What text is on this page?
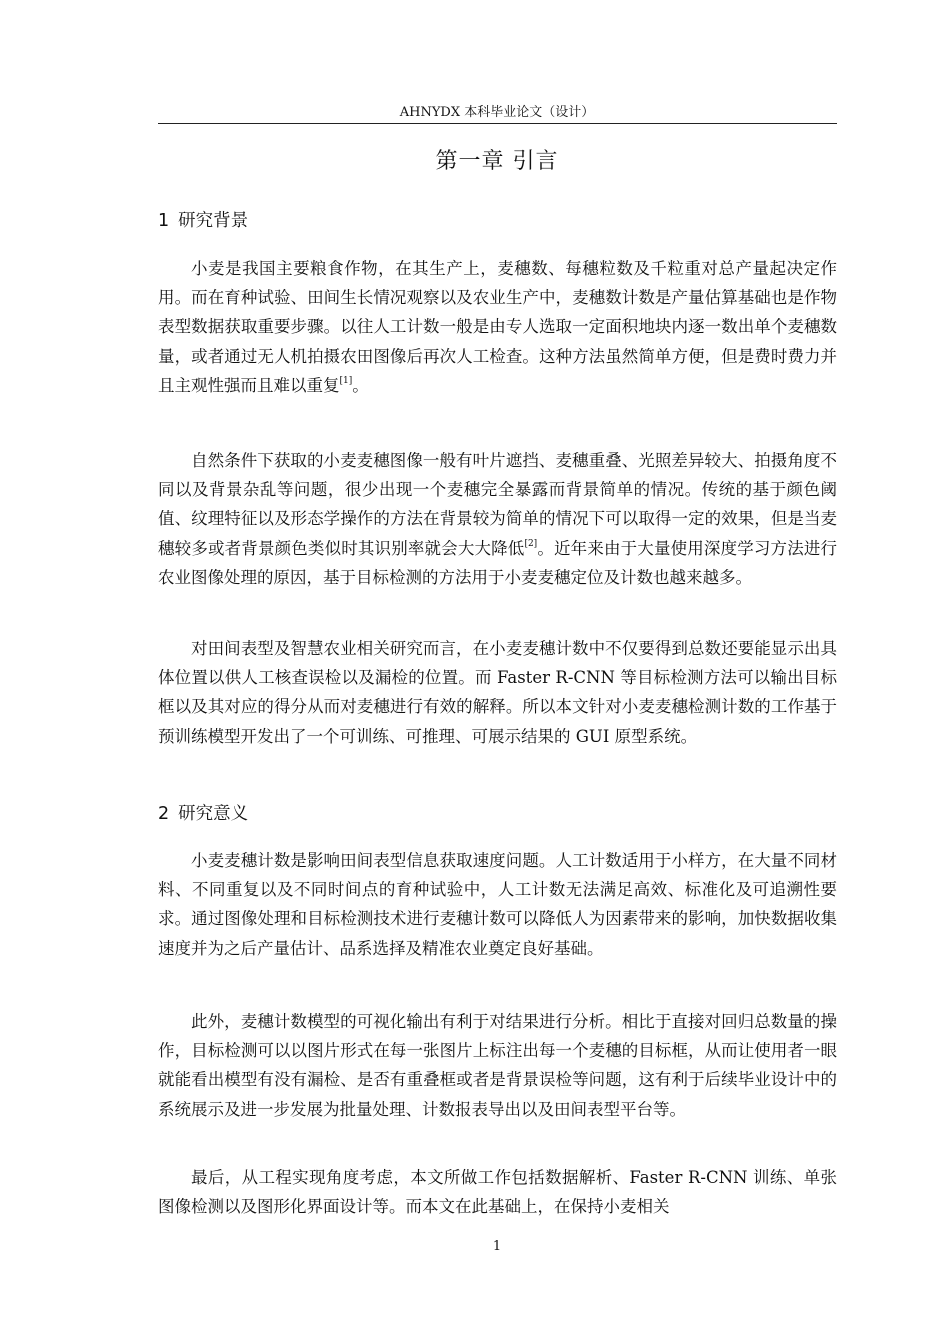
AHNYDX 本科毕业论文（设计）
第一章 引言
1 研究背景

小麦是我国主要粮食作物，在其生产上，麦穗数、每穗粒数及千粒重对总产量起决定作用。而在育种试验、田间生长情况观察以及农业生产中，麦穗数计数是产量估算基础也是作物表型数据获取重要步骤。以往人工计数一般是由专人选取一定面积地块内逐一数出单个麦穗数量，或者通过无人机拍摄农田图像后再次人工检查。这种方法虽然简单方便，但是费时费力并且主观性强而且难以重复[1]。

自然条件下获取的小麦麦穗图像一般有叶片遮挡、麦穗重叠、光照差异较大、拍摄角度不同以及背景杂乱等问题，很少出现一个麦穗完全暴露而背景简单的情况。传统的基于颜色阈值、纹理特征以及形态学操作的方法在背景较为简单的情况下可以取得一定的效果，但是当麦穗较多或者背景颜色类似时其识别率就会大大降低[2]。近年来由于大量使用深度学习方法进行农业图像处理的原因，基于目标检测的方法用于小麦麦穗定位及计数也越来越多。

对田间表型及智慧农业相关研究而言，在小麦麦穗计数中不仅要得到总数还要能显示出具体位置以供人工核查误检以及漏检的位置。而 Faster R-CNN 等目标检测方法可以输出目标框以及其对应的得分从而对麦穗进行有效的解释。所以本文针对小麦麦穗检测计数的工作基于预训练模型开发出了一个可训练、可推理、可展示结果的 GUI 原型系统。

2 研究意义

小麦麦穗计数是影响田间表型信息获取速度问题。人工计数适用于小样方，在大量不同材料、不同重复以及不同时间点的育种试验中，人工计数无法满足高效、标准化及可追溯性要求。通过图像处理和目标检测技术进行麦穗计数可以降低人为因素带来的影响，加快数据收集速度并为之后产量估计、品系选择及精准农业奠定良好基础。

此外，麦穗计数模型的可视化输出有利于对结果进行分析。相比于直接对回归总数量的操作，目标检测可以以图片形式在每一张图片上标注出每一个麦穗的目标框，从而让使用者一眼就能看出模型有没有漏检、是否有重叠框或者是背景误检等问题，这有利于后续毕业设计中的系统展示及进一步发展为批量处理、计数报表导出以及田间表型平台等。

最后，从工程实现角度考虑，本文所做工作包括数据解析、Faster R-CNN 训练、单张图像检测以及图形化界面设计等。而本文在此基础上，在保持小麦相关

1
